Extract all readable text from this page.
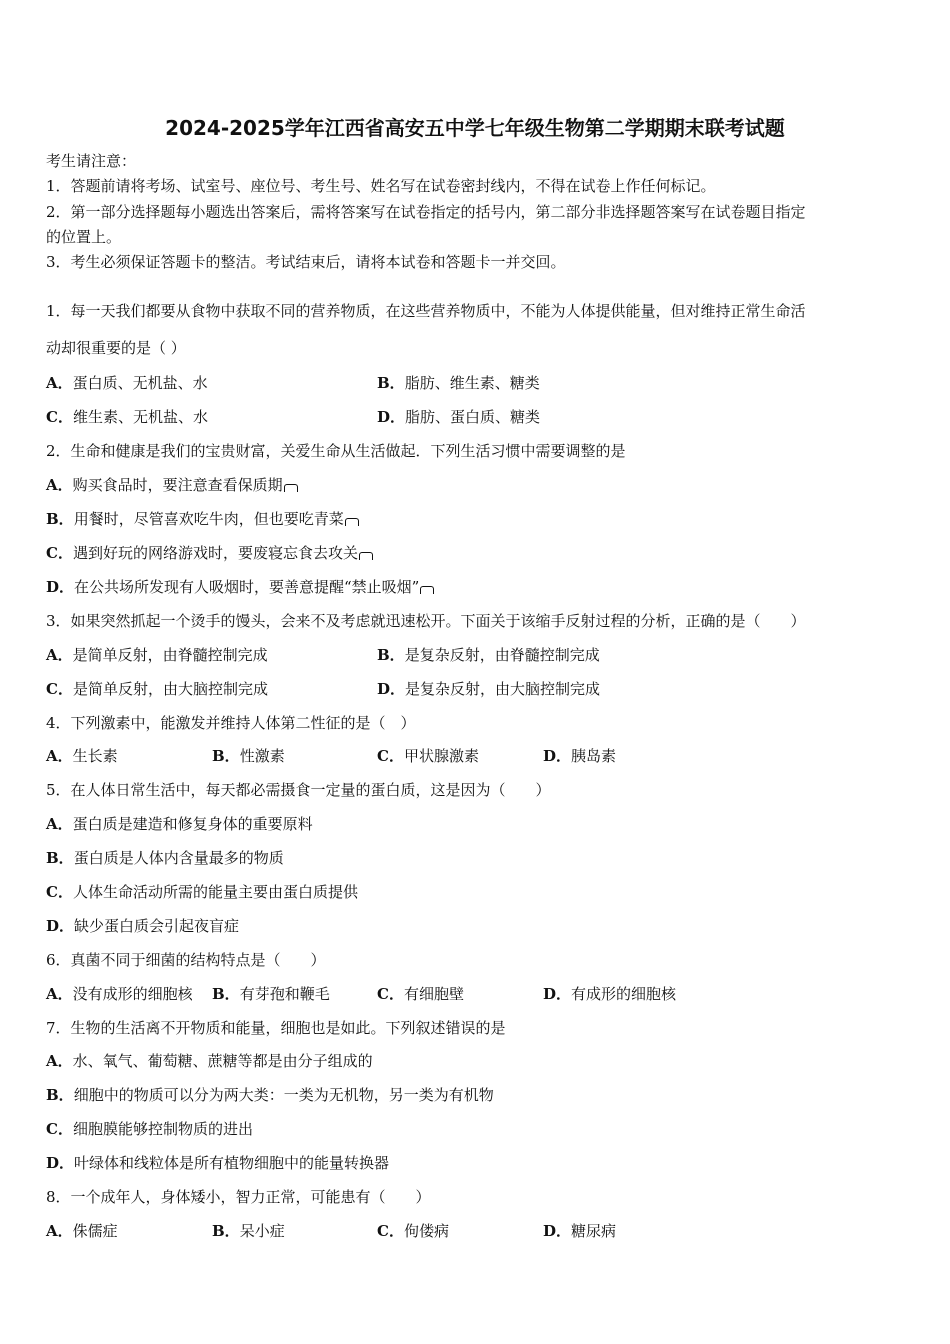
2024-2025学年江西省高安五中学七年级生物第二学期期末联考试题
考生请注意：
1．答题前请将考场、试室号、座位号、考生号、姓名写在试卷密封线内，不得在试卷上作任何标记。
2．第一部分选择题每小题选出答案后，需将答案写在试卷指定的括号内，第二部分非选择题答案写在试卷题目指定
的位置上。
3．考生必须保证答题卡的整洁。考试结束后，请将本试卷和答题卡一并交回。
1．每一天我们都要从食物中获取不同的营养物质，在这些营养物质中，不能为人体提供能量，但对维持正常生命活
动却很重要的是（ ）
A．蛋白质、无机盐、水	B．脂肪、维生素、糖类
C．维生素、无机盐、水	D．脂肪、蛋白质、糖类
2．生命和健康是我们的宝贵财富，关爱生命从生活做起．下列生活习惯中需要调整的是
A．购买食品时，要注意查看保质期
B．用餐时，尽管喜欢吃牛肉，但也要吃青菜
C．遇到好玩的网络游戏时，要废寝忘食去攻关
D．在公共场所发现有人吸烟时，要善意提醒“禁止吸烟”
3．如果突然抓起一个烫手的馒头，会来不及考虑就迅速松开。下面关于该缩手反射过程的分析，正确的是（　　）
A．是简单反射，由脊髓控制完成	B．是复杂反射，由脊髓控制完成
C．是简单反射，由大脑控制完成	D．是复杂反射，由大脑控制完成
4．下列激素中，能激发并维持人体第二性征的是（　）
A．生长素	B．性激素	C．甲状腺激素	D．胰岛素
5．在人体日常生活中，每天都必需摄食一定量的蛋白质，这是因为（　　）
A．蛋白质是建造和修复身体的重要原料
B．蛋白质是人体内含量最多的物质
C．人体生命活动所需的能量主要由蛋白质提供
D．缺少蛋白质会引起夜盲症
6．真菌不同于细菌的结构特点是（　　）
A．没有成形的细胞核 B．有芽孢和鞭毛	C．有细胞壁	D．有成形的细胞核
7．生物的生活离不开物质和能量，细胞也是如此。下列叙述错误的是
A．水、氧气、葡萄糖、蔗糖等都是由分子组成的
B．细胞中的物质可以分为两大类：一类为无机物，另一类为有机物
C．细胞膜能够控制物质的进出
D．叶绿体和线粒体是所有植物细胞中的能量转换器
8．一个成年人，身体矮小，智力正常，可能患有（　　）
A．侏儒症	B．呆小症	C．佝偻病	D．糖尿病
